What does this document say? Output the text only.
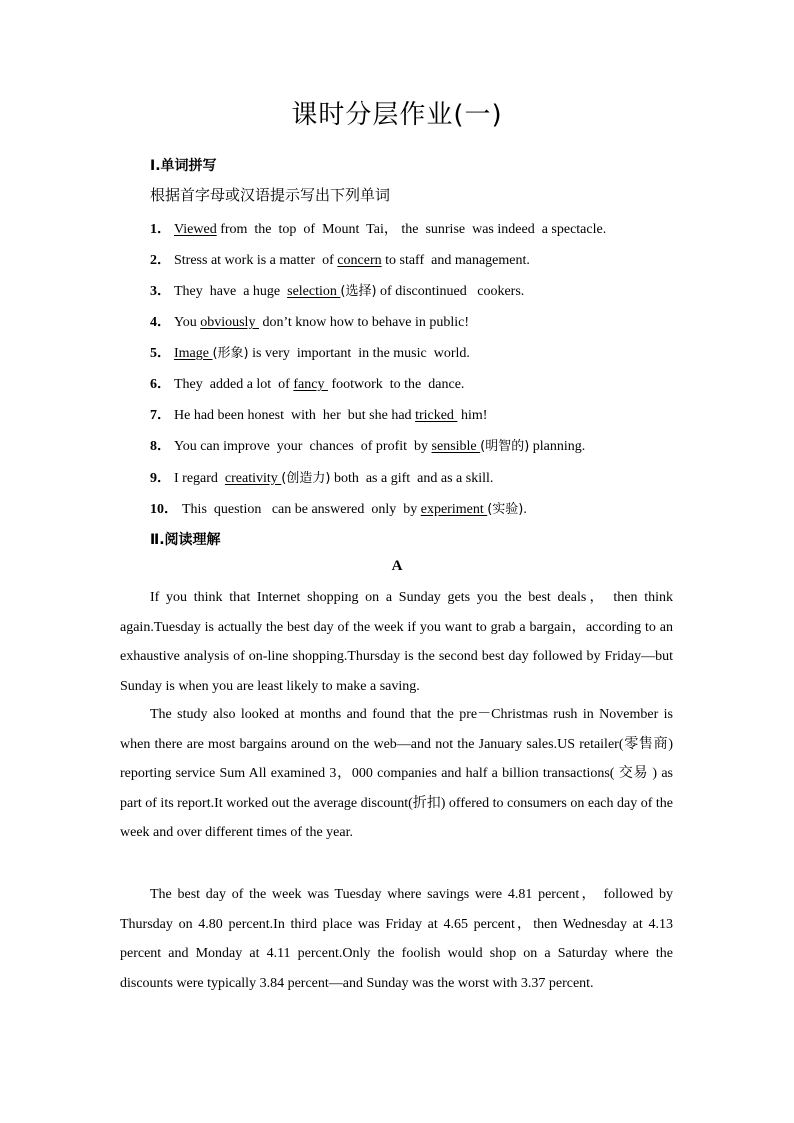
课时分层作业(一)
Ⅰ.单词拼写
根据首字母或汉语提示写出下列单词
1． Viewed from  the  top  of  Mount  Tai， the  sunrise  was indeed  a spectacle.
2． Stress at work is a matter  of concern to staff  and management.
3． They  have  a huge  selection (选择) of discontinued   cookers.
4． You obviously  don’t know how to behave in public!
5． Image (形象) is very  important  in the music  world.
6． They  added a lot  of fancy  footwork  to the  dance.
7． He had been honest  with  her  but she had tricked  him!
8． You can improve  your  chances  of profit  by sensible (明智的) planning.
9． I regard  creativity (创造力) both  as a gift  and as a skill.
10． This  question   can be answered  only  by experiment (实验).
Ⅱ.阅读理解
A

If you think that Internet shopping on a Sunday gets you the best deals， then think again.Tuesday is actually the best day of the week if you want to grab a bargain，according to an exhaustive analysis of on-line shopping.Thursday is the second best day followed by Friday—but Sunday is when you are least likely to make a saving.

The study also looked at months and found that the pre－Christmas rush in November is when there are most bargains around on the web—and not the January sales.US retailer(零售商) reporting service Sum All examined 3，000 companies and half a billion transactions( 交易 ) as part of its report.It worked out the average discount(折扣) offered to consumers on each day of the week and over different times of the year.

The best day of the week was Tuesday where savings were 4.81 percent， followed by Thursday on 4.80 percent.In third place was Friday at 4.65 percent，then Wednesday at 4.13 percent and Monday at 4.11 percent.Only the foolish would shop on a Saturday where the discounts were typically 3.84 percent—and Sunday was the worst with 3.37 percent.
